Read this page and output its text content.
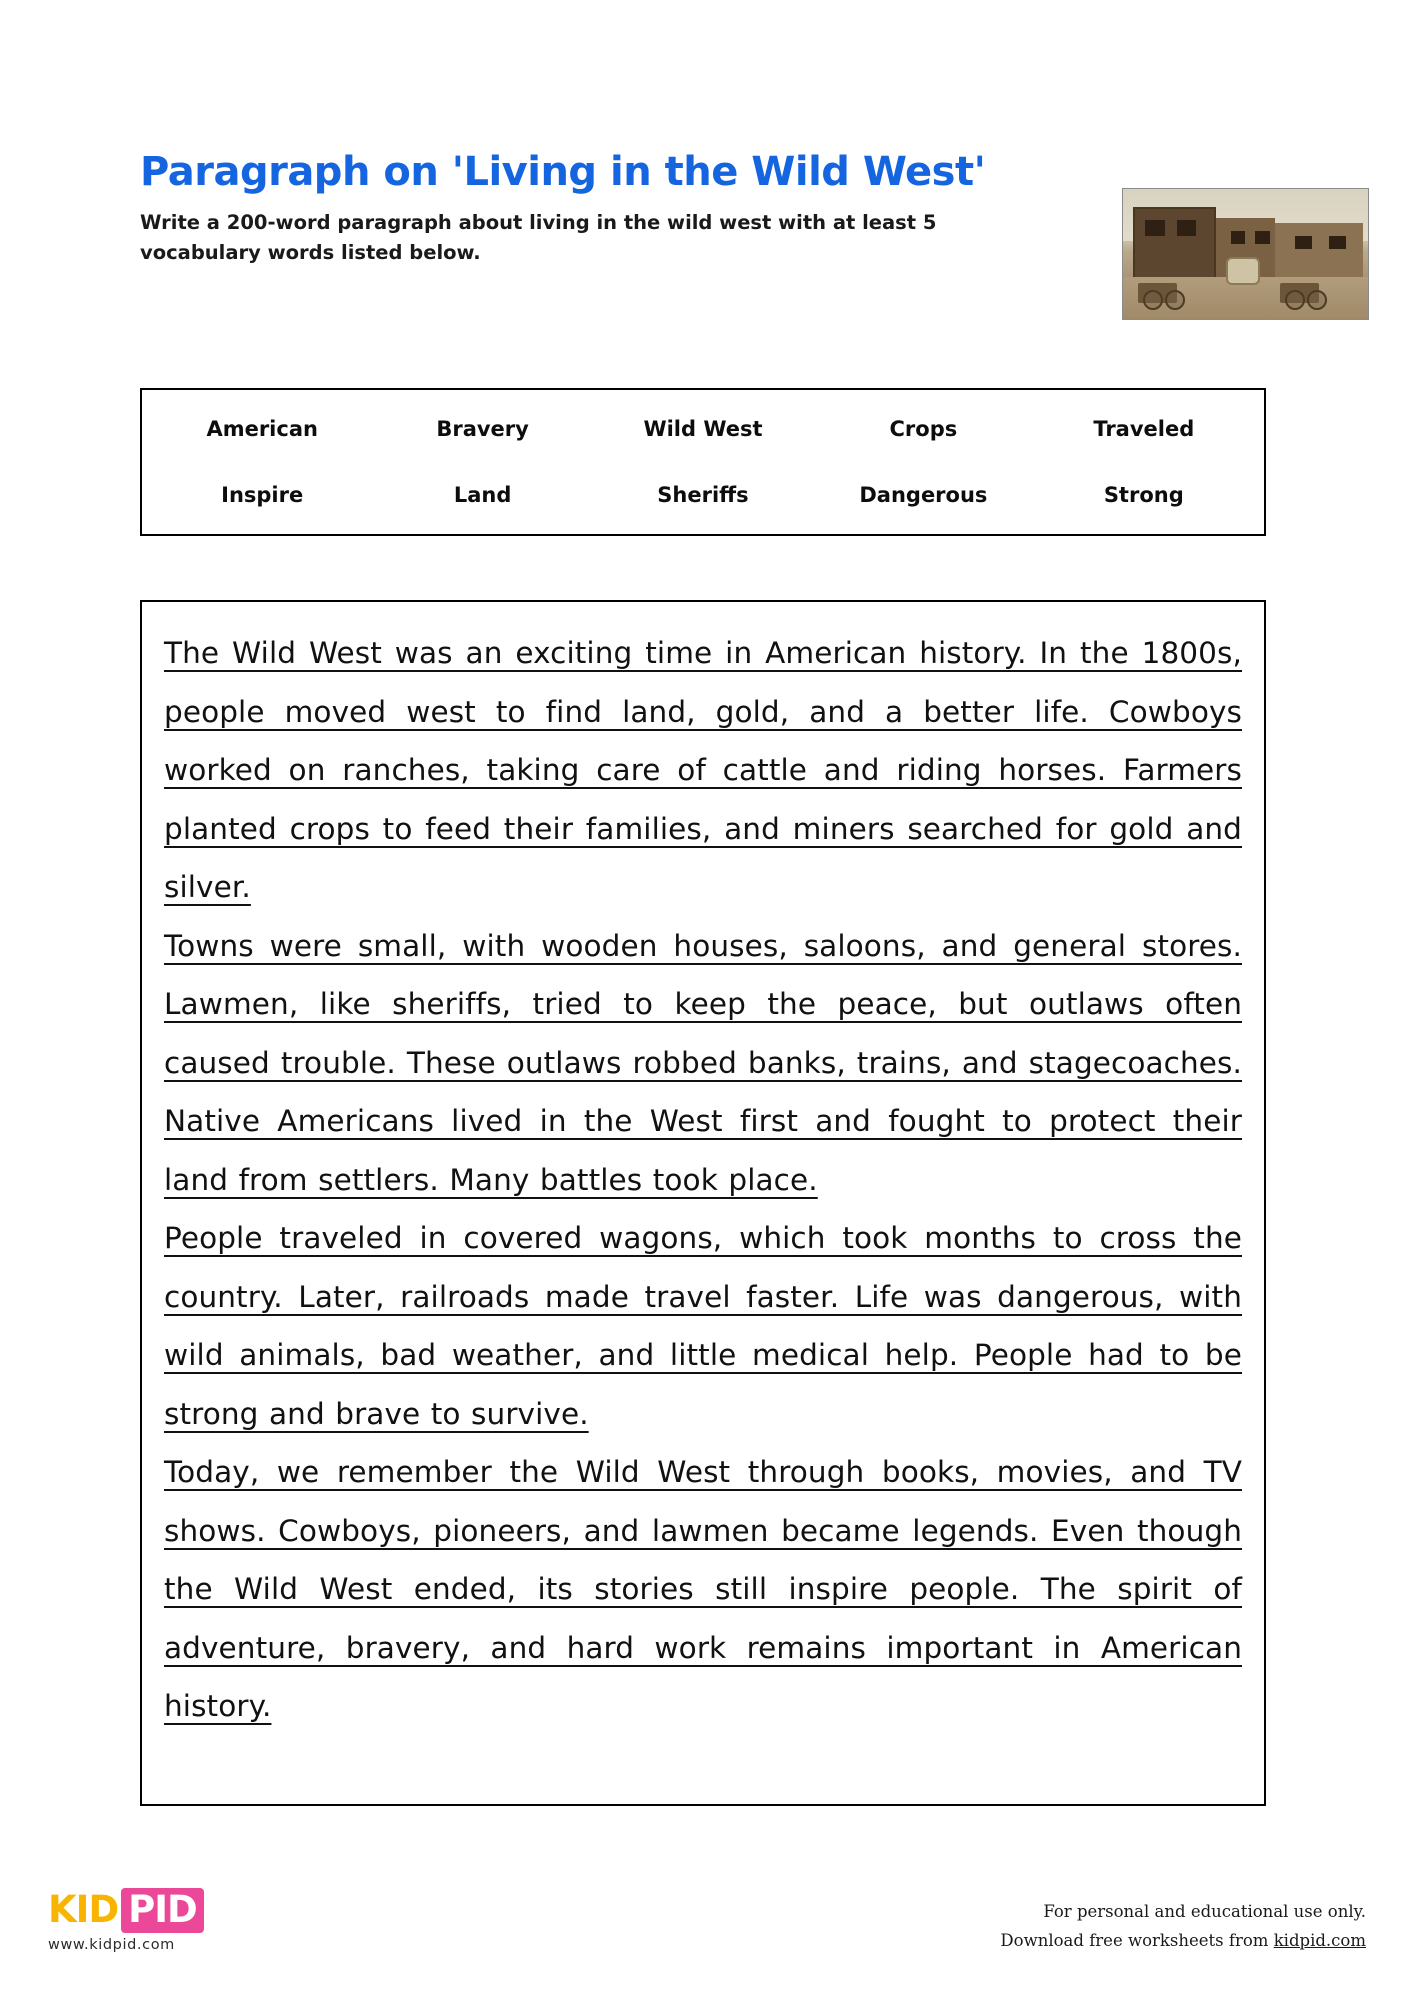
Paragraph on 'Living in the Wild West'

Write a 200-word paragraph about living in the wild west with at least 5 vocabulary words listed below.

American	Bravery	Wild West	Crops	Traveled
Inspire	Land	Sheriffs	Dangerous	Strong

The Wild West was an exciting time in American history. In the 1800s, people moved west to find land, gold, and a better life. Cowboys worked on ranches, taking care of cattle and riding horses. Farmers planted crops to feed their families, and miners searched for gold and silver.

Towns were small, with wooden houses, saloons, and general stores. Lawmen, like sheriffs, tried to keep the peace, but outlaws often caused trouble. These outlaws robbed banks, trains, and stagecoaches. Native Americans lived in the West first and fought to protect their land from settlers. Many battles took place.

People traveled in covered wagons, which took months to cross the country. Later, railroads made travel faster. Life was dangerous, with wild animals, bad weather, and little medical help. People had to be strong and brave to survive.

Today, we remember the Wild West through books, movies, and TV shows. Cowboys, pioneers, and lawmen became legends. Even though the Wild West ended, its stories still inspire people. The spirit of adventure, bravery, and hard work remains important in American history.

KID PID
www.kidpid.com
For personal and educational use only.
Download free worksheets from kidpid.com
